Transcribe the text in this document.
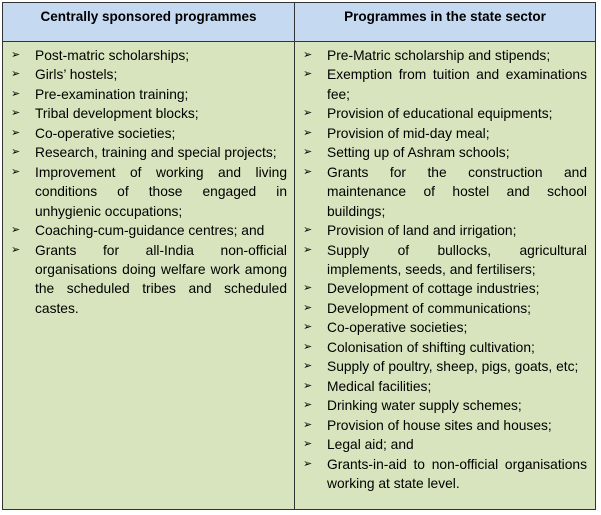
Centrally sponsored programmes	Programmes in the state sector
➢ Post-matric scholarships;
➢ Girls’ hostels;
➢ Pre-examination training;
➢ Tribal development blocks;
➢ Co-operative societies;
➢ Research, training and special projects;
➢ Improvement of working and living conditions of those engaged in unhygienic occupations;
➢ Coaching-cum-guidance centres; and
➢ Grants for all-India non-official organisations doing welfare work among the scheduled tribes and scheduled castes.
➢ Pre-Matric scholarship and stipends;
➢ Exemption from tuition and examinations fee;
➢ Provision of educational equipments;
➢ Provision of mid-day meal;
➢ Setting up of Ashram schools;
➢ Grants for the construction and maintenance of hostel and school buildings;
➢ Provision of land and irrigation;
➢ Supply of bullocks, agricultural implements, seeds, and fertilisers;
➢ Development of cottage industries;
➢ Development of communications;
➢ Co-operative societies;
➢ Colonisation of shifting cultivation;
➢ Supply of poultry, sheep, pigs, goats, etc;
➢ Medical facilities;
➢ Drinking water supply schemes;
➢ Provision of house sites and houses;
➢ Legal aid; and
➢ Grants-in-aid to non-official organisations working at state level.
